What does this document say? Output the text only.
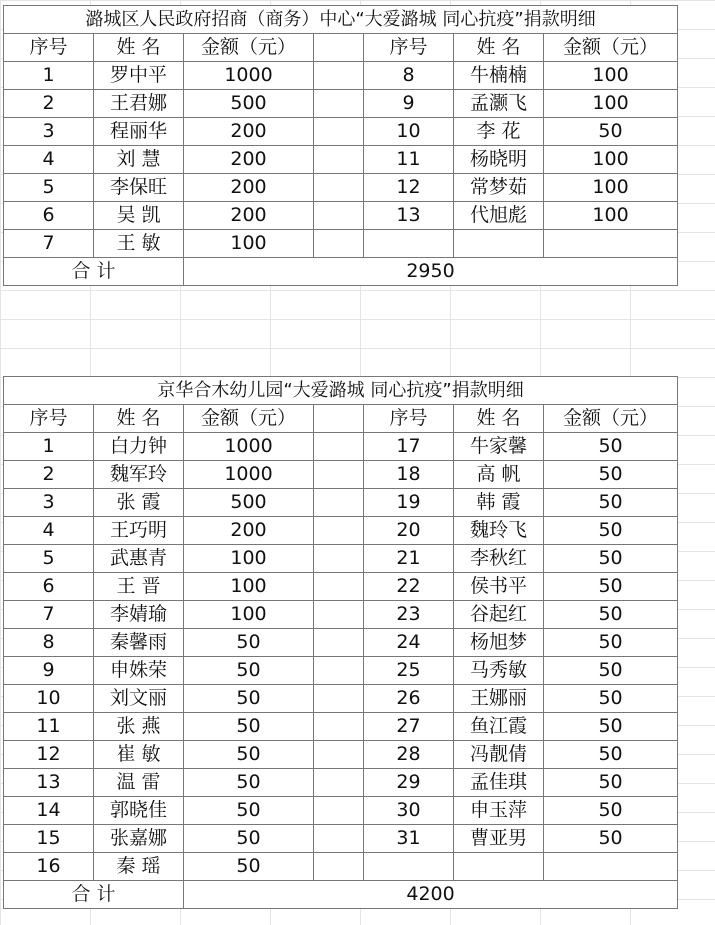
潞城区人民政府招商（商务）中心“大爱潞城 同心抗疫”捐款明细						
序号	姓 名	金额（元）		序号	姓 名	金额（元）
1	罗中平	1000		8	牛楠楠	100
2	王君娜	500		9	孟灏飞	100
3	程丽华	200		10	李 花	50
4	刘 慧	200		11	杨晓明	100
5	李保旺	200		12	常梦茹	100
6	吴 凯	200		13	代旭彪	100
7	王 敏	100				
合 计		2950				
京华合木幼儿园“大爱潞城 同心抗疫”捐款明细						
序号	姓 名	金额（元）		序号	姓 名	金额（元）
1	白力钟	1000		17	牛家馨	50
2	魏军玲	1000		18	高 帆	50
3	张 霞	500		19	韩 霞	50
4	王巧明	200		20	魏玲飞	50
5	武惠青	100		21	李秋红	50
6	王 晋	100		22	侯书平	50
7	李婧瑜	100		23	谷起红	50
8	秦馨雨	50		24	杨旭梦	50
9	申姝荣	50		25	马秀敏	50
10	刘文丽	50		26	王娜丽	50
11	张 燕	50		27	鱼江霞	50
12	崔 敏	50		28	冯靓倩	50
13	温 雷	50		29	孟佳琪	50
14	郭晓佳	50		30	申玉萍	50
15	张嘉娜	50		31	曹亚男	50
16	秦 瑶	50				
合 计		4200				
